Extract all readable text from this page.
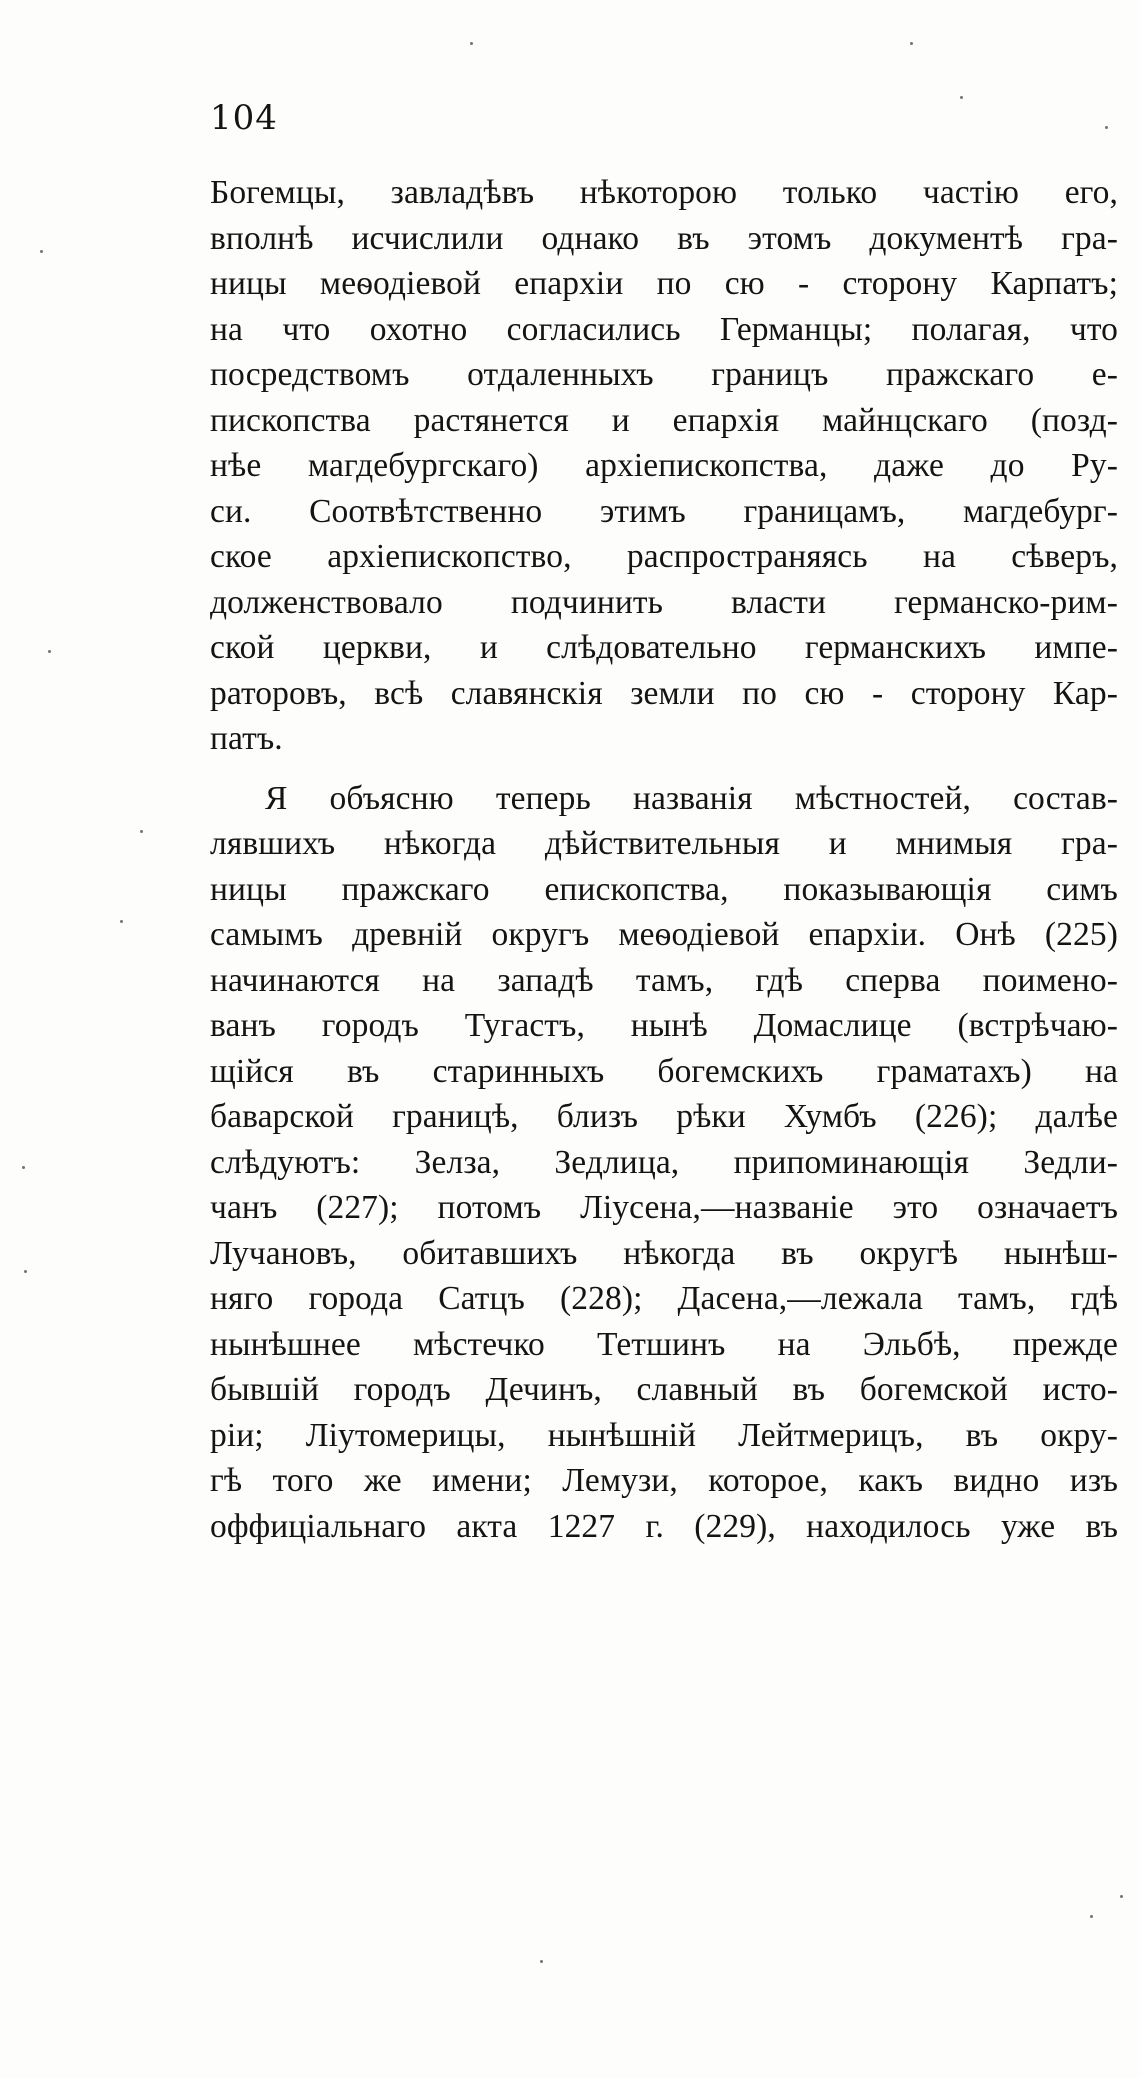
104
Богемцы, завладѣвъ нѣкоторою только частію его,
вполнѣ исчислили однако въ этомъ документѣ гра-
ницы меѳодіевой епархіи по сю - сторону Карпатъ;
на что охотно согласились Германцы; полагая, что
посредствомъ отдаленныхъ границъ пражскаго е-
пископства растянется и епархія майнцскаго (позд-
нѣе магдебургскаго) архіепископства, даже до Ру-
си. Соотвѣтственно этимъ границамъ, магдебург-
ское архіепископство, распространяясь на сѣверъ,
долженствовало подчинить власти германско-рим-
ской церкви, и слѣдовательно германскихъ импе-
раторовъ, всѣ славянскія земли по сю - сторону Кар-
патъ.
Я объясню теперь названія мѣстностей, состав-
лявшихъ нѣкогда дѣйствительныя и мнимыя гра-
ницы пражскаго епископства, показывающія симъ
самымъ древній округъ меѳодіевой епархіи. Онѣ (225)
начинаются на западѣ тамъ, гдѣ сперва поимено-
ванъ городъ Тугастъ, нынѣ Домаслице (встрѣчаю-
щійся въ старинныхъ богемскихъ граматахъ) на
баварской границѣ, близъ рѣки Хумбъ (226); далѣе
слѣдуютъ: Зелза, Зедлица, припоминающія Зедли-
чанъ (227); потомъ Ліусена,—названіе это означаетъ
Лучановъ, обитавшихъ нѣкогда въ округѣ нынѣш-
няго города Сатцъ (228); Дасена,—лежала тамъ, гдѣ
нынѣшнее мѣстечко Тетшинъ на Эльбѣ, прежде
бывшій городъ Дечинъ, славный въ богемской исто-
ріи; Ліутомерицы, нынѣшній Лейтмерицъ, въ окру-
гѣ того же имени; Лемузи, которое, какъ видно изъ
оффиціальнаго акта 1227 г. (229), находилось уже въ
